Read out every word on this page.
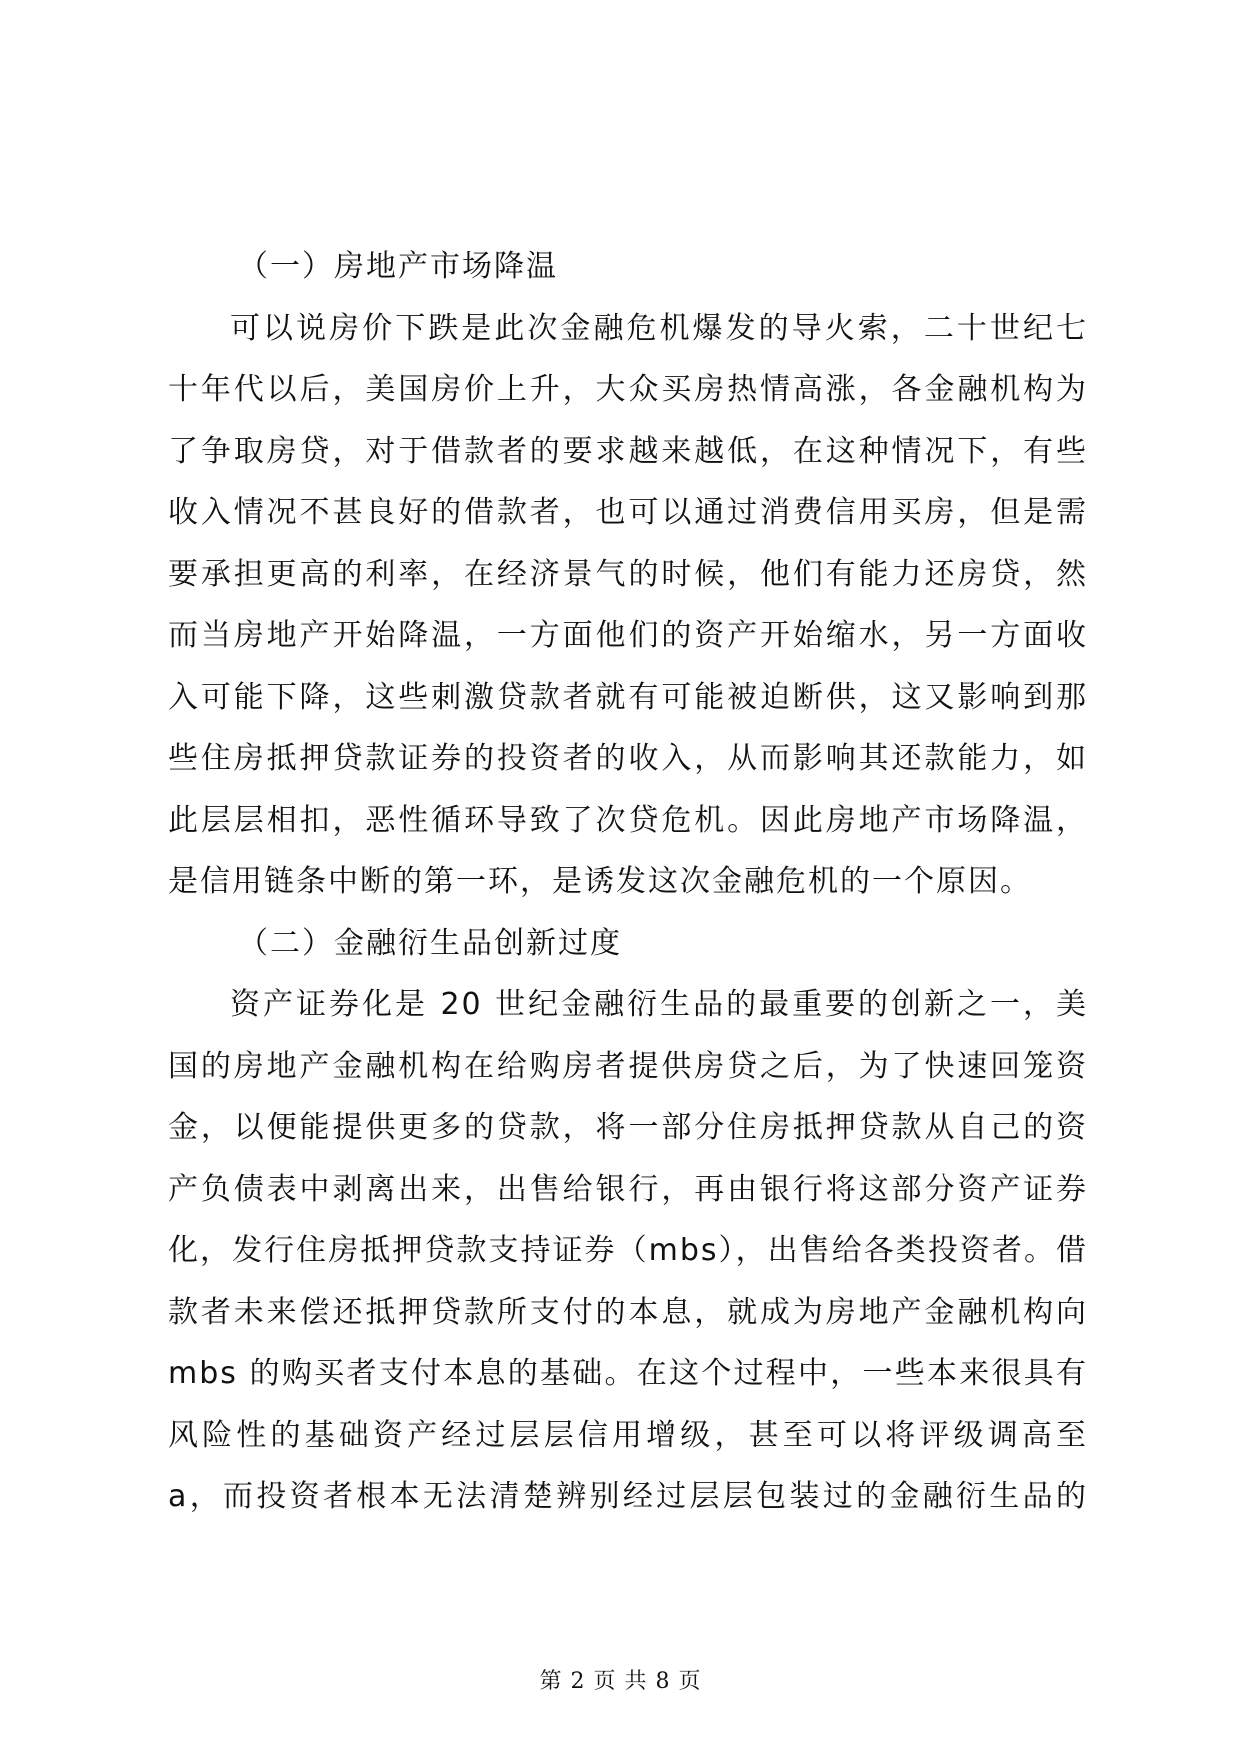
（一）房地产市场降温
可以说房价下跌是此次金融危机爆发的导火索，二十世纪七
十年代以后，美国房价上升，大众买房热情高涨，各金融机构为
了争取房贷，对于借款者的要求越来越低，在这种情况下，有些
收入情况不甚良好的借款者，也可以通过消费信用买房，但是需
要承担更高的利率，在经济景气的时候，他们有能力还房贷，然
而当房地产开始降温，一方面他们的资产开始缩水，另一方面收
入可能下降，这些刺激贷款者就有可能被迫断供，这又影响到那
些住房抵押贷款证券的投资者的收入，从而影响其还款能力，如
此层层相扣，恶性循环导致了次贷危机。因此房地产市场降温，
是信用链条中断的第一环，是诱发这次金融危机的一个原因。
（二）金融衍生品创新过度
资产证券化是 20 世纪金融衍生品的最重要的创新之一，美
国的房地产金融机构在给购房者提供房贷之后，为了快速回笼资
金，以便能提供更多的贷款，将一部分住房抵押贷款从自己的资
产负债表中剥离出来，出售给银行，再由银行将这部分资产证券
化，发行住房抵押贷款支持证券（mbs），出售给各类投资者。借
款者未来偿还抵押贷款所支付的本息，就成为房地产金融机构向
mbs 的购买者支付本息的基础。在这个过程中，一些本来很具有
风险性的基础资产经过层层信用增级，甚至可以将评级调高至
a，而投资者根本无法清楚辨别经过层层包装过的金融衍生品的
第 2 页 共 8 页
